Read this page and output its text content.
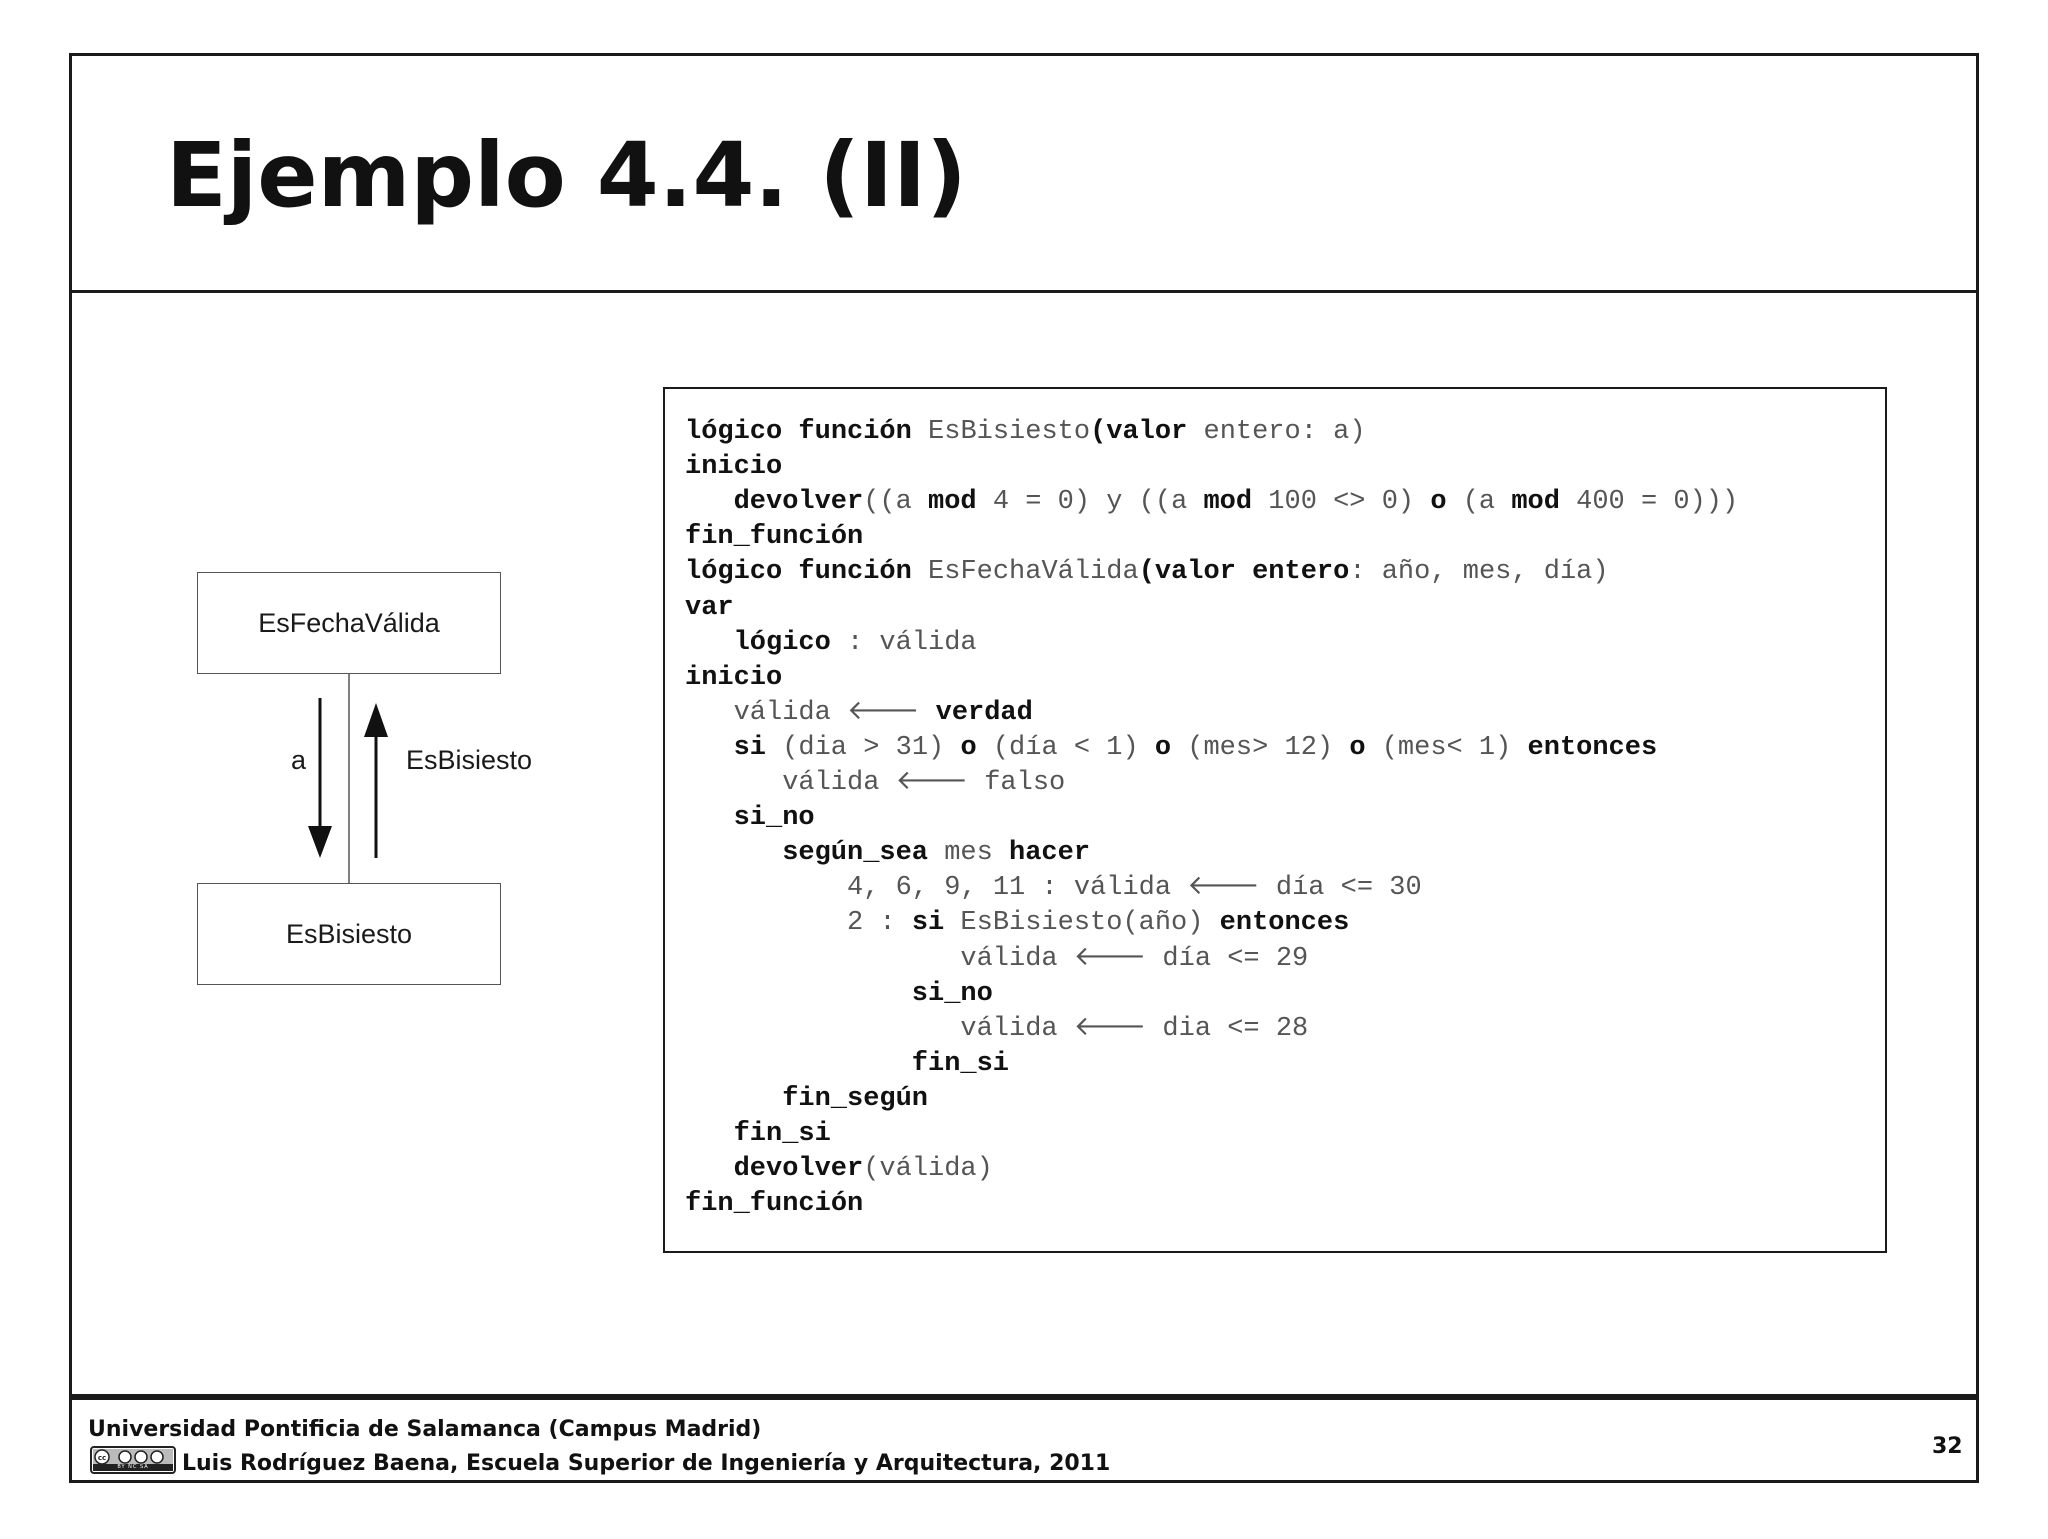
Ejemplo 4.4. (II)
EsFechaVálida
EsBisiesto
a	EsBisiesto
lógico función EsBisiesto(valor entero: a)
inicio
devolver((a mod 4 = 0) y ((a mod 100 <> 0) o (a mod 400 = 0)))
fin_función
lógico función EsFechaVálida(valor entero: año, mes, día)
var
lógico : válida
inicio
válida 🡐 verdad
si (dia > 31) o (día < 1) o (mes> 12) o (mes< 1) entonces
válida 🡐 falso
si_no
según_sea mes hacer
4, 6, 9, 11 : válida 🡐 día <= 30
2 : si EsBisiesto(año) entonces
válida 🡐 día <= 29
si_no
válida 🡐 dia <= 28
fin_si
fin_según
fin_si
devolver(válida)
fin_función
Universidad Pontificia de Salamanca (Campus Madrid)
cc
BY NC SA	Luis Rodríguez Baena, Escuela Superior de Ingeniería y Arquitectura, 2011
32
